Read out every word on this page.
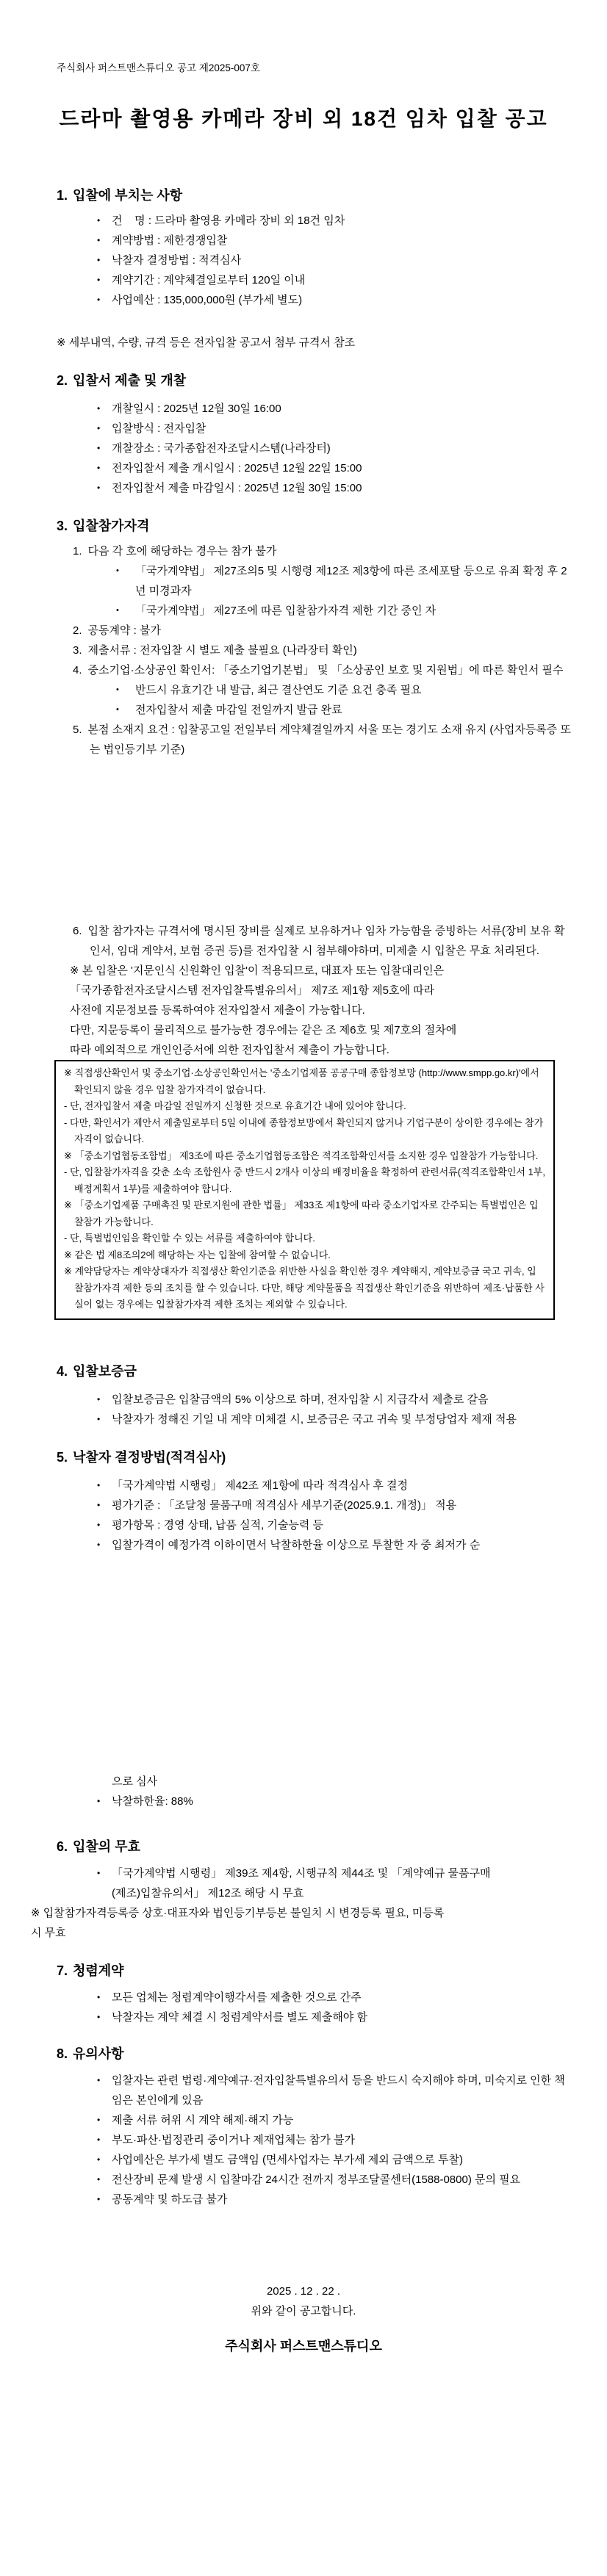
주식회사 퍼스트맨스튜디오 공고 제2025-007호
드라마 촬영용 카메라 장비 외 18건 임차 입찰 공고
1. 입찰에 부치는 사항
• 건    명 : 드라마 촬영용 카메라 장비 외 18건 임차
• 계약방법 : 제한경쟁입찰
• 낙찰자 결정방법 : 적격심사
• 계약기간 : 계약체결일로부터 120일 이내
• 사업예산 : 135,000,000원 (부가세 별도)
※ 세부내역, 수량, 규격 등은 전자입찰 공고서 첨부 규격서 참조
2. 입찰서 제출 및 개찰
• 개찰일시 : 2025년 12월 30일 16:00
• 입찰방식 : 전자입찰
• 개찰장소 : 국가종합전자조달시스템(나라장터)
• 전자입찰서 제출 개시일시 : 2025년 12월 22일 15:00
• 전자입찰서 제출 마감일시 : 2025년 12월 30일 15:00
3. 입찰참가자격
1. 다음 각 호에 해당하는 경우는 참가 불가
• 「국가계약법」 제27조의5 및 시행령 제12조 제3항에 따른 조세포탈 등으로 유죄 확정 후 2년 미경과자
• 「국가계약법」 제27조에 따른 입찰참가자격 제한 기간 중인 자
2. 공동계약 : 불가
3. 제출서류 : 전자입찰 시 별도 제출 불필요 (나라장터 확인)
4. 중소기업·소상공인 확인서: 「중소기업기본법」 및 「소상공인 보호 및 지원법」에 따른 확인서 필수
• 반드시 유효기간 내 발급, 최근 결산연도 기준 요건 충족 필요
• 전자입찰서 제출 마감일 전일까지 발급 완료
5. 본점 소재지 요건 : 입찰공고일 전일부터 계약체결일까지 서울 또는 경기도 소재 유지 (사업자등록증 또는 법인등기부 기준)
6. 입찰 참가자는 규격서에 명시된 장비를 실제로 보유하거나 임차 가능함을 증빙하는 서류(장비 보유 확인서, 임대 계약서, 보험 증권 등)를 전자입찰 시 첨부해야하며, 미제출 시 입찰은 무효 처리된다.
※ 본 입찰은 '지문인식 신원확인 입찰'이 적용되므로, 대표자 또는 입찰대리인은
「국가종합전자조달시스템 전자입찰특별유의서」 제7조 제1항 제5호에 따라
사전에 지문정보를 등록하여야 전자입찰서 제출이 가능합니다.
다만, 지문등록이 물리적으로 불가능한 경우에는 같은 조 제6호 및 제7호의 절차에
따라 예외적으로 개인인증서에 의한 전자입찰서 제출이 가능합니다.

※ 직접생산확인서 및 중소기업·소상공인확인서는 '중소기업제품 공공구매 종합정보망 (http://www.smpp.go.kr)'에서 확인되지 않을 경우 입찰 참가자격이 없습니다.

- 단, 전자입찰서 제출 마감일 전일까지 신청한 것으로 유효기간 내에 있어야 합니다.

- 다만, 확인서가 제안서 제출일로부터 5일 이내에 종합정보망에서 확인되지 않거나 기업구분이 상이한 경우에는 참가자격이 없습니다.

※ 「중소기업협동조합법」 제3조에 따른 중소기업협동조합은 적격조합확인서를 소지한 경우 입찰참가 가능합니다.

- 단, 입찰참가자격을 갖춘 소속 조합원사 중 반드시 2개사 이상의 배정비율을 확정하여 관련서류(적격조합확인서 1부, 배정계획서 1부)를 제출하여야 합니다.

※ 「중소기업제품 구매촉진 및 판로지원에 관한 법률」 제33조 제1항에 따라 중소기업자로 간주되는 특별법인은 입찰참가 가능합니다.

- 단, 특별법인임을 확인할 수 있는 서류를 제출하여야 합니다.

※ 같은 법 제8조의2에 해당하는 자는 입찰에 참여할 수 없습니다.

※ 계약담당자는 계약상대자가 직접생산 확인기준을 위반한 사실을 확인한 경우 계약해지, 계약보증금 국고 귀속, 입찰참가자격 제한 등의 조치를 할 수 있습니다. 다만, 해당 계약물품을 직접생산 확인기준을 위반하여 제조·납품한 사실이 없는 경우에는 입찰참가자격 제한 조치는 제외할 수 있습니다.

4. 입찰보증금
• 입찰보증금은 입찰금액의 5% 이상으로 하며, 전자입찰 시 지급각서 제출로 갈음
• 낙찰자가 정해진 기일 내 계약 미체결 시, 보증금은 국고 귀속 및 부정당업자 제재 적용
5. 낙찰자 결정방법(적격심사)
• 「국가계약법 시행령」 제42조 제1항에 따라 적격심사 후 결정
• 평가기준 : 「조달청 물품구매 적격심사 세부기준(2025.9.1. 개정)」 적용
• 평가항목 : 경영 상태, 납품 실적, 기술능력 등
• 입찰가격이 예정가격 이하이면서 낙찰하한율 이상으로 투찰한 자 중 최저가 순
으로 심사
• 낙찰하한율: 88%
6. 입찰의 무효
• 「국가계약법 시행령」 제39조 제4항, 시행규칙 제44조 및 「계약예규 물품구매
(제조)입찰유의서」 제12조 해당 시 무효
※ 입찰참가자격등록증 상호·대표자와 법인등기부등본 불일치 시 변경등록 필요, 미등록
시 무효
7. 청렴계약
• 모든 업체는 청렴계약이행각서를 제출한 것으로 간주
• 낙찰자는 계약 체결 시 청렴계약서를 별도 제출해야 함
8. 유의사항
• 입찰자는 관련 법령·계약예규·전자입찰특별유의서 등을 반드시 숙지해야 하며, 미숙지로 인한 책임은 본인에게 있음
• 제출 서류 허위 시 계약 해제·해지 가능
• 부도·파산·법정관리 중이거나 제재업체는 참가 불가
• 사업예산은 부가세 별도 금액임 (면세사업자는 부가세 제외 금액으로 투찰)
• 전산장비 문제 발생 시 입찰마감 24시간 전까지 정부조달콜센터(1588-0800) 문의 필요
• 공동계약 및 하도급 불가
2025 . 12 . 22 .
위와 같이 공고합니다.
주식회사 퍼스트맨스튜디오
